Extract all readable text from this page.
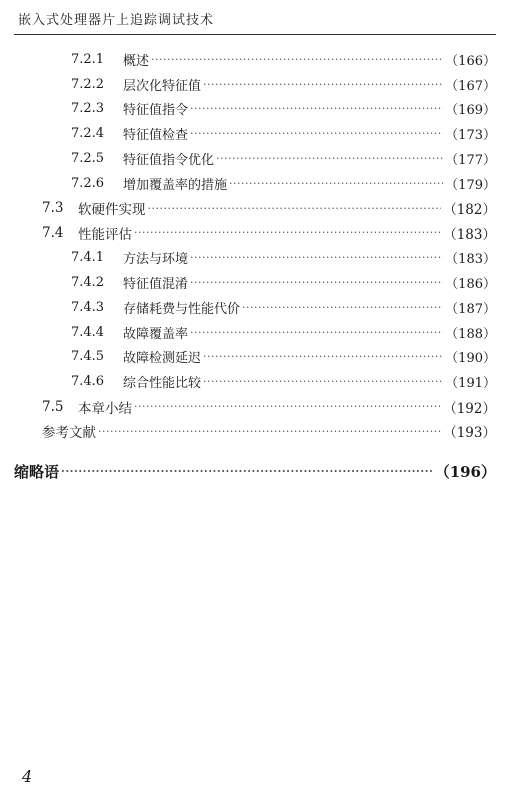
嵌入式处理器片上追踪调试技术
7.2.1	概述 ·····	（166）
7.2.2	层次化特征值 ·····	（167）
7.2.3	特征值指令 ·····	（169）
7.2.4	特征值检查 ·····	（173）
7.2.5	特征值指令优化 ·····	（177）
7.2.6	增加覆盖率的措施 ·····	（179）
7.3	软硬件实现 ·····	（182）
7.4	性能评估 ·····	（183）
7.4.1	方法与环境 ·····	（183）
7.4.2	特征值混淆 ·····	（186）
7.4.3	存储耗费与性能代价 ·····	（187）
7.4.4	故障覆盖率 ·····	（188）
7.4.5	故障检测延迟 ·····	（190）
7.4.6	综合性能比较 ·····	（191）
7.5	本章小结 ·····	（192）
参考文献 ·····	（193）
缩略语 ·····	（196）
4
